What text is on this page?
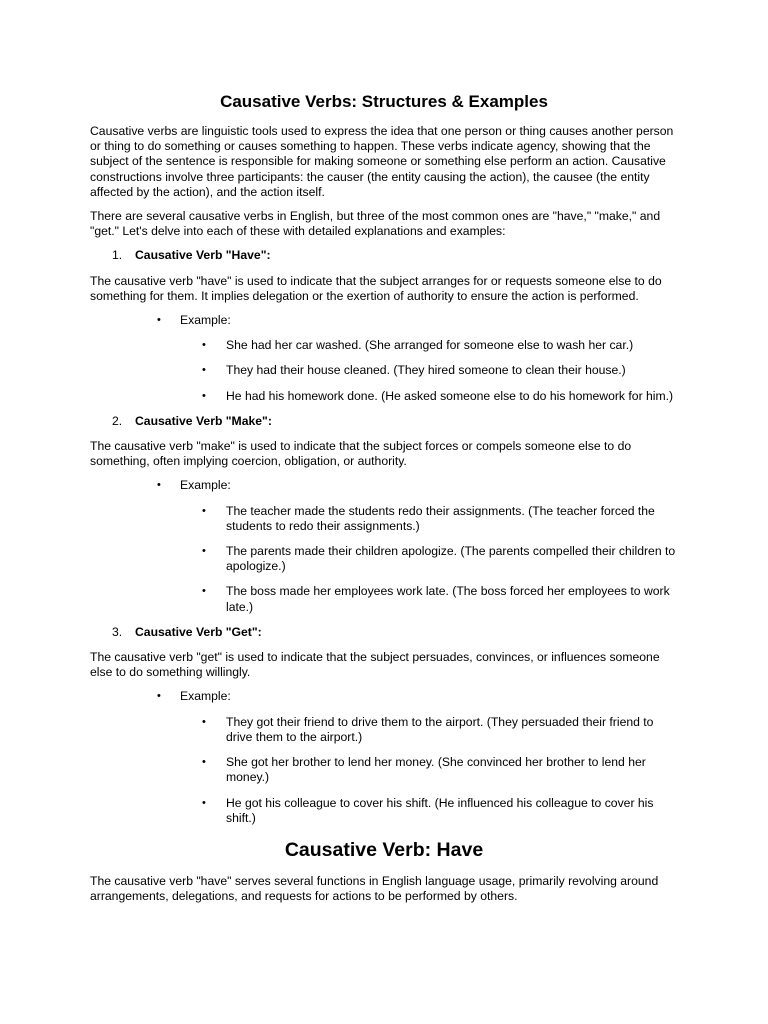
Causative Verbs: Structures & Examples

Causative verbs are linguistic tools used to express the idea that one person or thing causes another person or thing to do something or causes something to happen. These verbs indicate agency, showing that the subject of the sentence is responsible for making someone or something else perform an action. Causative constructions involve three participants: the causer (the entity causing the action), the causee (the entity affected by the action), and the action itself.

There are several causative verbs in English, but three of the most common ones are "have," "make," and "get." Let's delve into each of these with detailed explanations and examples:

1.	Causative Verb "Have":

The causative verb "have" is used to indicate that the subject arranges for or requests someone else to do something for them. It implies delegation or the exertion of authority to ensure the action is performed.

•	Example:
•	She had her car washed. (She arranged for someone else to wash her car.)
•	They had their house cleaned. (They hired someone to clean their house.)
•	He had his homework done. (He asked someone else to do his homework for him.)
2.	Causative Verb "Make":

The causative verb "make" is used to indicate that the subject forces or compels someone else to do something, often implying coercion, obligation, or authority.

•	Example:
•	The teacher made the students redo their assignments. (The teacher forced the students to redo their assignments.)
•	The parents made their children apologize. (The parents compelled their children to apologize.)
•	The boss made her employees work late. (The boss forced her employees to work late.)
3.	Causative Verb "Get":

The causative verb "get" is used to indicate that the subject persuades, convinces, or influences someone else to do something willingly.

•	Example:
•	They got their friend to drive them to the airport. (They persuaded their friend to drive them to the airport.)
•	She got her brother to lend her money. (She convinced her brother to lend her money.)
•	He got his colleague to cover his shift. (He influenced his colleague to cover his shift.)
Causative Verb: Have

The causative verb "have" serves several functions in English language usage, primarily revolving around arrangements, delegations, and requests for actions to be performed by others.
